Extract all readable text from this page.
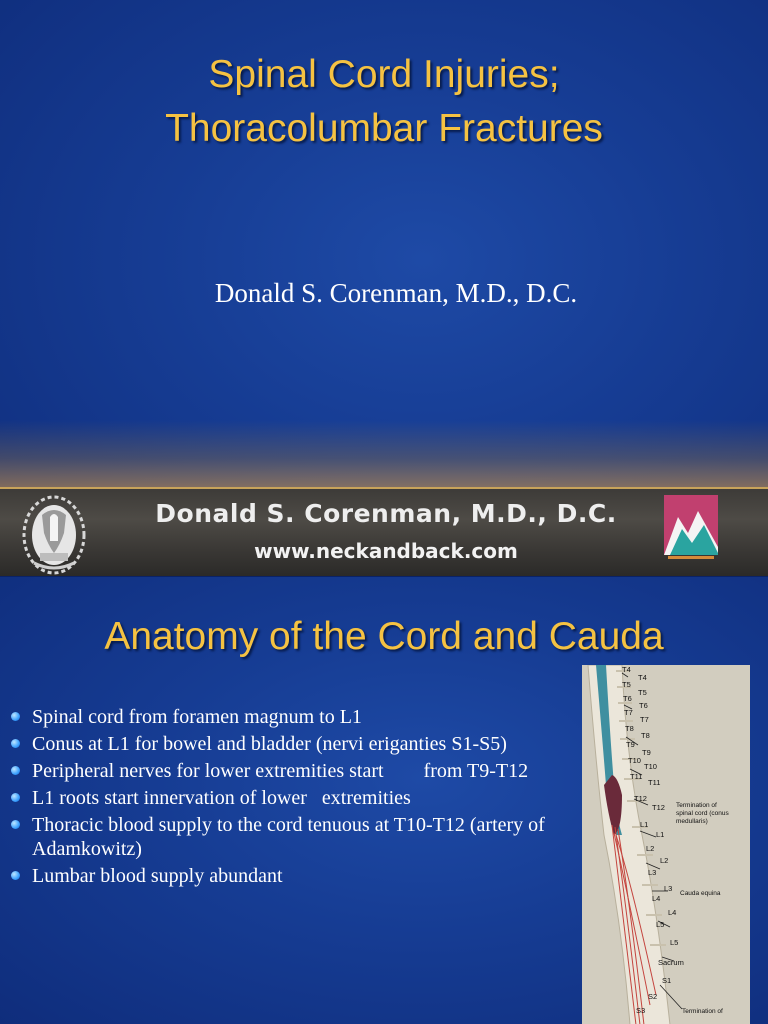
Spinal Cord Injuries;
Thoracolumbar Fractures
Donald S. Corenman, M.D., D.C.
Donald S. Corenman, M.D., D.C.
www.neckandback.com
Anatomy of the Cord and Cauda
Spinal cord from foramen magnum to L1
Conus at L1 for bowel and bladder (nervi eriganties S1-S5)
Peripheral nerves for lower extremities start        from T9-T12
L1 roots start innervation of lower   extremities
Thoracic blood supply to the cord tenuous at T10-T12 (artery of Adamkowitz)
Lumbar blood supply abundant
T4
T4
T5
T5
T6
T6
T7
T7
T8
T8
T9
T9
T10
T10
T11
T11
T12
T12
L1
L1
L2
L2
L3
L3
L4
L4
L5
L5
Sacrum
S1
S2
S3
Termination of
spinal cord (conus
medullaris)
Cauda equina
Termination of
